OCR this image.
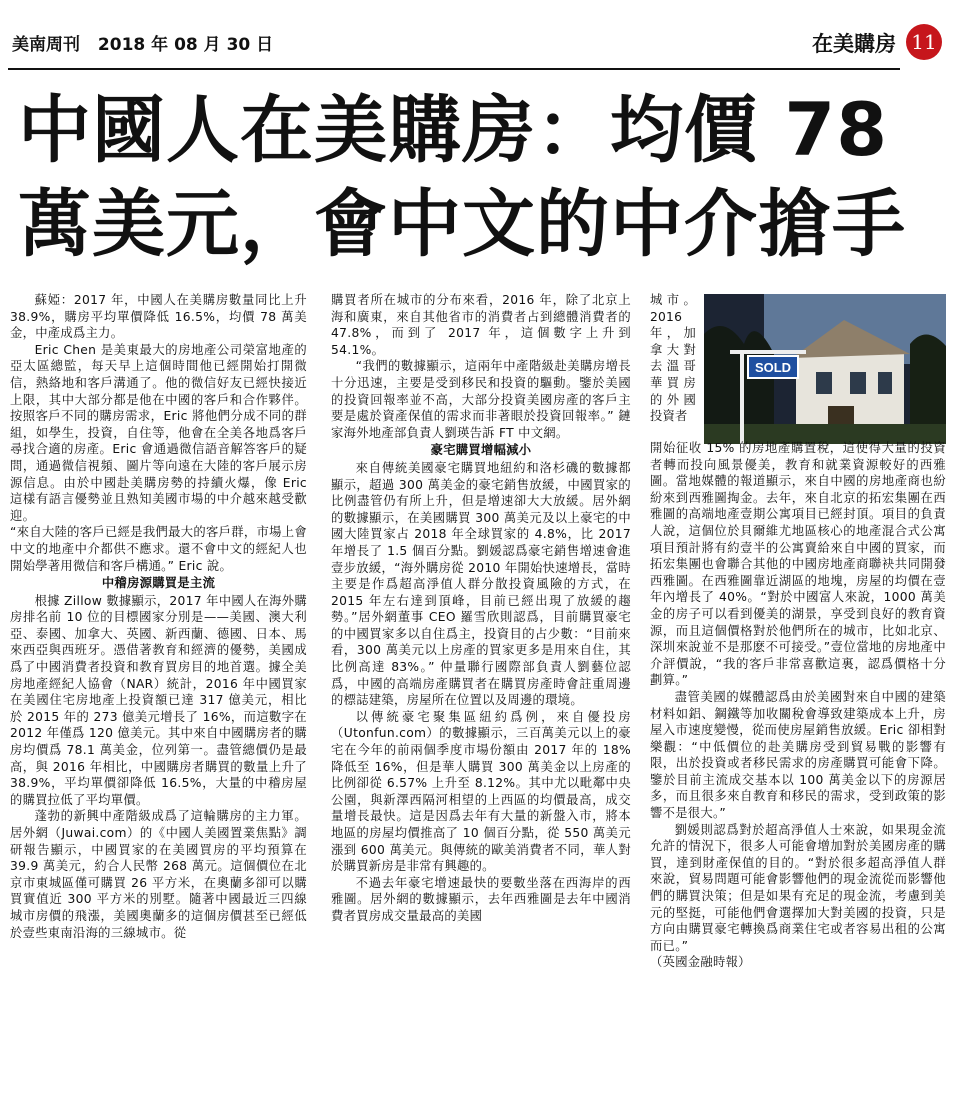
美南周刊 2018 年 08 月 30 日	在美購房 11
中國人在美購房：均價 78
萬美元，會中文的中介搶手

蘇婭：2017 年，中國人在美購房數量同比上升 38.9%，購房平均單價降低 16.5%，均價 78 萬美金，中產成爲主力。

Eric Chen 是美東最大的房地產公司榮富地產的亞太區總監，每天早上這個時間他已經開始打開微信，熱絡地和客戶溝通了。他的微信好友已經快接近上限，其中大部分都是他在中國的客戶和合作夥伴。按照客戶不同的購房需求，Eric 將他們分成不同的群組，如學生，投資，自住等，他會在全美各地爲客戶尋找合適的房產。Eric 會通過微信語音解答客戶的疑問，通過微信視頻、圖片等向遠在大陸的客戶展示房源信息。由於中國赴美購房勢的持續火爆，像 Eric 這樣有語言優勢並且熟知美國市場的中介越來越受歡迎。

“來自大陸的客戶已經是我們最大的客戶群，市場上會中文的地產中介都供不應求。還不會中文的經紀人也開始學著用微信和客戶構通。” Eric 說。

中稽房源購買是主流

根據 Zillow 數據顯示，2017 年中國人在海外購房排名前 10 位的目標國家分別是——美國、澳大利亞、泰國、加拿大、英國、新西蘭、德國、日本、馬來西亞與西班牙。憑借著教育和經濟的優勢，美國成爲了中國消費者投資和教育買房目的地首選。據全美房地產經紀人協會（NAR）統計，2016 年中國買家在美國住宅房地產上投資額已達 317 億美元，相比於 2015 年的 273 億美元增長了 16%，而這數字在 2012 年僅爲 120 億美元。其中來自中國購房者的購房均價爲 78.1 萬美金，位列第一。盡管總價仍是最高，與 2016 年相比，中國購房者購買的數量上升了 38.9%，平均單價卻降低 16.5%，大量的中稽房屋的購買拉低了平均單價。

蓬勃的新興中產階級成爲了這輪購房的主力軍。居外網（Juwai.com）的《中國人美國置業焦點》調研報告顯示，中國買家的在美國買房的平均預算在 39.9 萬美元，約合人民幣 268 萬元。這個價位在北京市東城區僅可購買 26 平方米，在奧蘭多卻可以購買實值近 300 平方米的別墅。隨著中國最近三四線城市房價的飛漲，美國奧蘭多的這個房價甚至已經低於壹些東南沿海的三線城市。從

購買者所在城市的分布來看，2016 年，除了北京上海和廣東，來自其他省市的消費者占到總體消費者的 47.8%，而到了 2017 年，這個數字上升到 54.1%。

“我們的數據顯示，這兩年中產階級赴美購房增長十分迅速，主要是受到移民和投資的驅動。鑒於美國的投資回報率並不高，大部分投資美國房產的客戶主要是處於資產保值的需求而非著眼於投資回報率。” 鏈家海外地產部負責人劉瑛告訴 FT 中文網。

豪宅購買增幅減小

來自傳統美國豪宅購買地紐約和洛杉磯的數據都顯示，超過 300 萬美金的豪宅銷售放緩，中國買家的比例盡管仍有所上升，但是增速卻大大放緩。居外網的數據顯示，在美國購買 300 萬美元及以上豪宅的中國大陸買家占 2018 年全球買家的 4.8%，比 2017 年增長了 1.5 個百分點。劉媛認爲豪宅銷售增速會進壹步放緩，“海外購房從 2010 年開始快速增長，當時主要是作爲超高淨值人群分散投資風險的方式，在 2015 年左右達到頂峰，目前已經出現了放緩的趨勢。”居外網董事 CEO 羅雪欣則認爲，目前購買豪宅的中國買家多以自住爲主，投資目的占少數：“目前來看，300 萬美元以上房產的買家更多是用來自住，其比例高達 83%。” 仲量聯行國際部負責人劉藝位認爲，中國的高端房產購買者在購買房產時會註重周邊的標誌建築，房屋所在位置以及周邊的環境。

以傳統豪宅聚集區紐約爲例，來自優投房（Utonfun.com）的數據顯示，三百萬美元以上的豪宅在今年的前兩個季度市場份額由 2017 年的 18% 降低至 16%，但是華人購買 300 萬美金以上房產的比例卻從 6.57% 上升至 8.12%。其中尤以毗鄰中央公園，與新澤西隔河相望的上西區的均價最高，成交量增長最快。這是因爲去年有大量的新盤入市，將本地區的房屋均價推高了 10 個百分點，從 550 萬美元漲到 600 萬美元。與傳統的歐美消費者不同，華人對於購買新房是非常有興趣的。

不過去年豪宅增速最快的要數坐落在西海岸的西雅圖。居外網的數據顯示，去年西雅圖是去年中國消費者買房成交量最高的美國

SOLD

城市。2016 年，加拿大對去溫哥華買房的外國投資者

開始征收 15% 的房地產購置稅，這使得大量的投資者轉而投向風景優美，教育和就業資源較好的西雅圖。當地媒體的報道顯示，來自中國的房地產商也紛紛來到西雅圖掏金。去年，來自北京的拓宏集團在西雅圖的高端地產壹期公寓項目已經封頂。項目的負責人說，這個位於貝爾維尤地區核心的地產混合式公寓項目預計將有約壹半的公寓賣給來自中國的買家，而拓宏集團也會聯合其他的中國房地產商聯袂共同開發西雅圖。在西雅圖靠近湖區的地塊，房屋的均價在壹年內增長了 40%。“對於中國富人來說，1000 萬美金的房子可以看到優美的湖景，享受到良好的教育資源，而且這個價格對於他們所在的城市，比如北京、深圳來說並不是那麽不可接受。”壹位當地的房地產中介評價說，“我的客戶非常喜歡這裏，認爲價格十分劃算。”

盡管美國的媒體認爲由於美國對來自中國的建築材料如鋁、鋼鐵等加收關稅會導致建築成本上升，房屋入市速度變慢，從而使房屋銷售放緩。Eric 卻相對樂觀：“中低價位的赴美購房受到貿易戰的影響有限，出於投資或者移民需求的房產購買可能會下降。鑒於目前主流成交基本以 100 萬美金以下的房源居多，而且很多來自教育和移民的需求，受到政策的影響不是很大。”

劉媛則認爲對於超高淨值人士來說，如果現金流允許的情況下，很多人可能會增加對於美國房產的購買，達到財產保值的目的。“對於很多超高淨值人群來說，貿易問題可能會影響他們的現金流從而影響他們的購買決策；但是如果有充足的現金流，考慮到美元的堅挺，可能他們會選擇加大對美國的投資，只是方向由購買豪宅轉換爲商業住宅或者容易出租的公寓而已。”

（英國金融時報）
